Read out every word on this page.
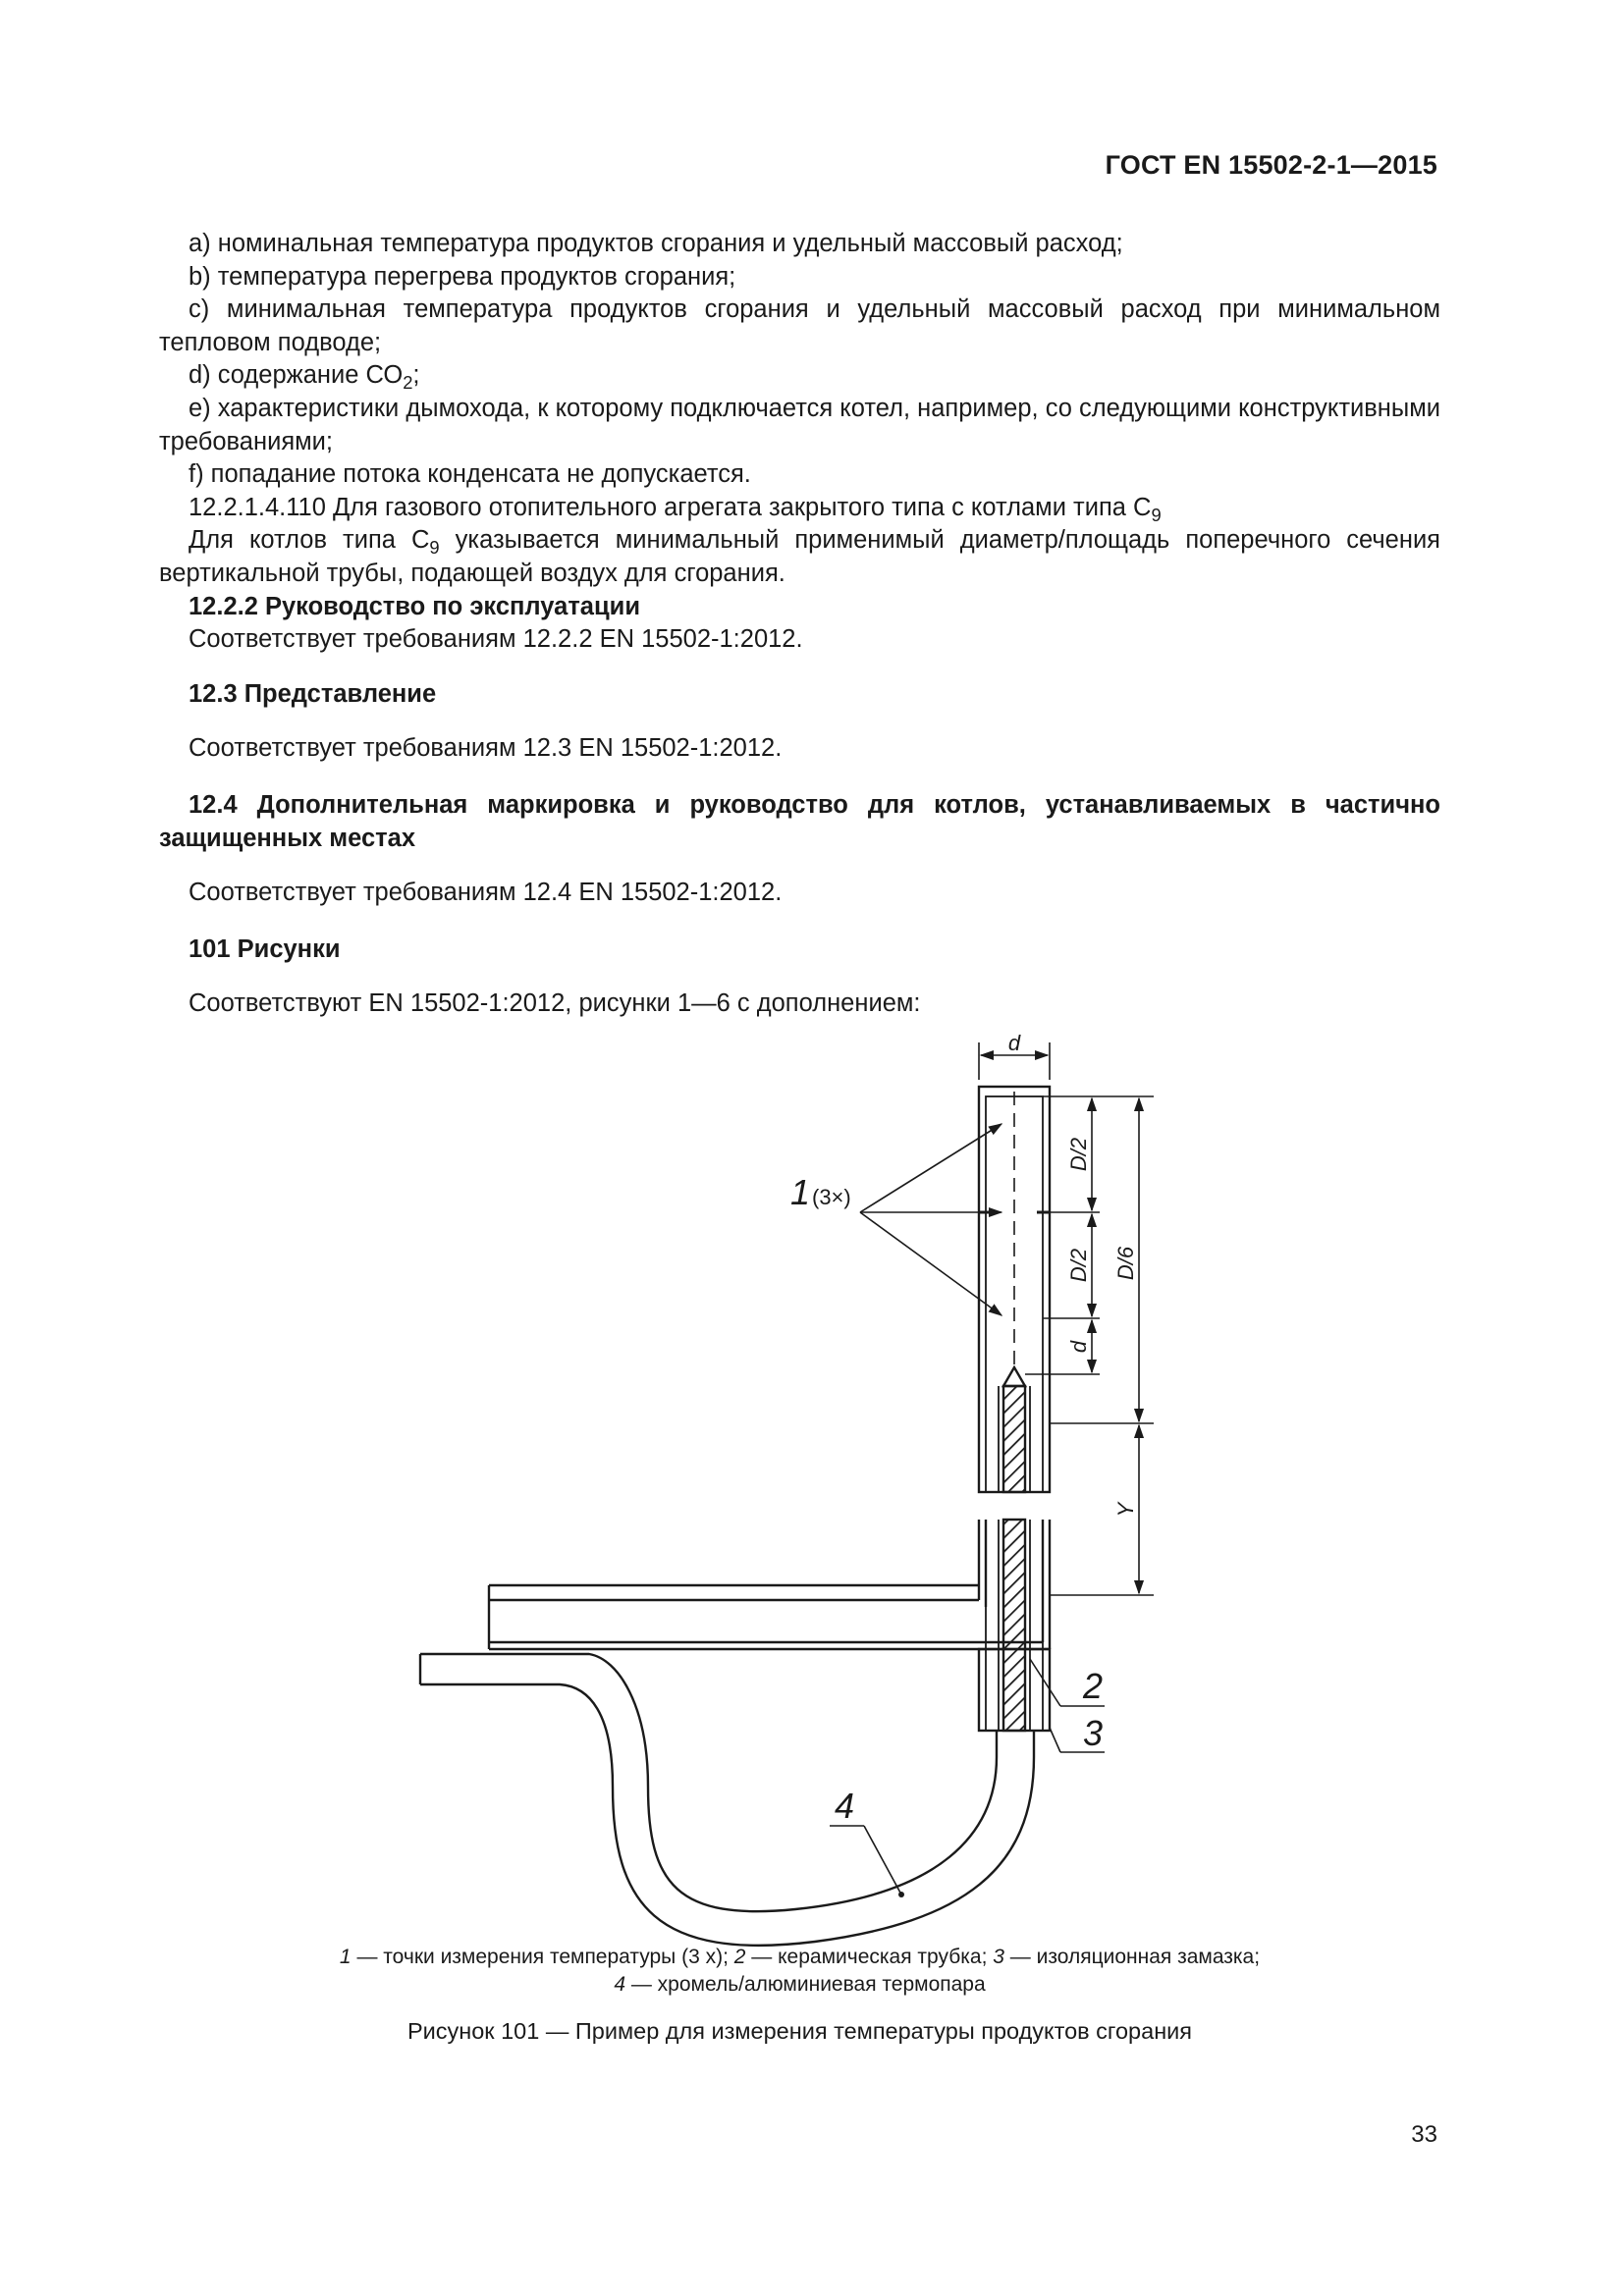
ГОСТ EN 15502-2-1—2015

a) номинальная температура продуктов сгорания и удельный массовый расход;

b) температура перегрева продуктов сгорания;

c) минимальная температура продуктов сгорания и удельный массовый расход при минимальном тепловом подводе;

d) содержание $СО_2$;

e) характеристики дымохода, к которому подключается котел, например, со следующими конструктивными требованиями;

f) попадание потока конденсата не допускается.

12.2.1.4.110 Для газового отопительного агрегата закрытого типа с котлами типа $С_9$

Для котлов типа $С_9$ указывается минимальный применимый диаметр/площадь поперечного сечения вертикальной трубы, подающей воздух для сгорания.

12.2.2 Руководство по эксплуатации

Соответствует требованиям 12.2.2 EN 15502-1:2012.

12.3 Представление

Соответствует требованиям 12.3 EN 15502-1:2012.

12.4 Дополнительная маркировка и руководство для котлов, устанавливаемых в частично защищенных местах

Соответствует требованиям 12.4 EN 15502-1:2012.

101 Рисунки

Соответствуют EN 15502-1:2012, рисунки 1—6 с дополнением:

d
D/2
D/2
d
D/6
Y
1 (3×)
2
3
4
1 — точки измерения температуры (3 х); 2 — керамическая трубка; 3 — изоляционная замазка;
4 — хромель/алюминиевая термопара
Рисунок 101 — Пример для измерения температуры продуктов сгорания
33
